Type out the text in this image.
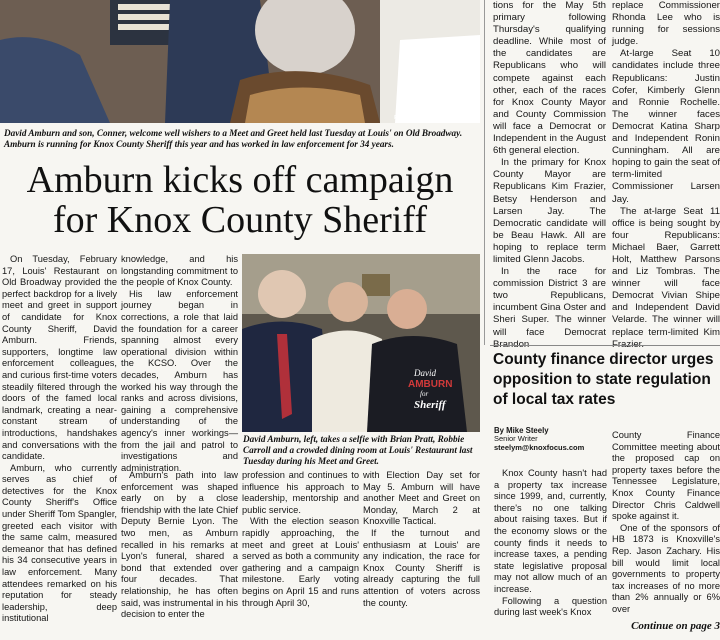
PHOTOS BY TIFFANY LAWSON

David Amburn and son, Conner, welcome well wishers to a Meet and Greet held last Tuesday at Louis' on Old Broadway. Amburn is running for Knox County Sheriff this year and has worked in law enforcement for 34 years.

Amburn kicks off campaign
for Knox County Sheriff

On Tuesday, February 17, Louis' Restaurant on Old Broadway provided the perfect backdrop for a lively meet and greet in support of candidate for Knox County Sheriff, David Amburn. Friends, supporters, longtime law enforcement colleagues, and curious first-time voters steadily filtered through the doors of the famed local landmark, creating a near-constant stream of introductions, handshakes and conversations with the candidate.

Amburn, who currently serves as chief of detectives for the Knox County Sheriff's Office under Sheriff Tom Spangler, greeted each visitor with the same calm, measured demeanor that has defined his 34 consecutive years in law enforcement. Many attendees remarked on his reputation for steady leadership, deep institutional

knowledge, and his longstanding commitment to the people of Knox County.

His law enforcement journey began in corrections, a role that laid the foundation for a career spanning almost every operational division within the KCSO. Over the decades, Amburn has worked his way through the ranks and across divisions, gaining a comprehensive understanding of the agency's inner workings—from the jail and patrol to investigations and administration.

Amburn's path into law enforcement was shaped early on by a close friendship with the late Chief Deputy Bernie Lyon. The two men, as Amburn recalled in his remarks at Lyon's funeral, shared a bond that extended over four decades. That relationship, he has often said, was instrumental in his decision to enter the

David
AMBURN
for
Sheriff

David Amburn, left, takes a selfie with Brian Pratt, Robbie Carroll and a crowded dining room at Louis' Restaurant last Tuesday during his Meet and Greet.

profession and continues to influence his approach to leadership, mentorship and public service.

With the election season rapidly approaching, the meet and greet at Louis' served as both a community gathering and a campaign milestone. Early voting begins on April 15 and runs through April 30,

with Election Day set for May 5. Amburn will have another Meet and Greet on Monday, March 2 at Knoxville Tactical.

If the turnout and enthusiasm at Louis' are any indication, the race for Knox County Sheriff is already capturing the full attention of voters across the county.

tions for the May 5th primary following Thursday's qualifying deadline. While most of the candidates are Republicans who will compete against each other, each of the races for Knox County Mayor and County Commission will face a Democrat or Independent in the August 6th general election.

In the primary for Knox County Mayor are Republicans Kim Frazier, Betsy Henderson and Larsen Jay. The Democratic candidate will be Beau Hawk. All are hoping to replace term limited Glenn Jacobs.

In the race for commission District 3 are two Republicans, incumbent Gina Oster and Sheri Super. The winner will face Democrat

replace Commissioner Rhonda Lee who is running for sessions judge.

At-large Seat 10 candidates include three Republicans: Justin Cofer, Kimberly Glenn and Ronnie Rochelle. The winner faces Democrat Katina Sharp and Independent Ronin Cunningham. All are hoping to gain the seat of term-limited Commissioner Larsen Jay.

The at-large Seat 11 office is being sought by four Republicans: Michael Baer, Garrett Holt, Matthew Parsons and Liz Tombras. The winner will face Democrat Vivian Shipe and Independent David Velarde. The winner will replace term-limited Kim

County finance director urges opposition to state regulation of local tax rates
By Mike Steely
Senior Writer
steelym@knoxfocus.com

Knox County hasn't had a property tax increase since 1999, and, currently, there's no one talking about raising taxes. But if the economy slows or the county finds it needs to increase taxes, a pending state legislative proposal may not allow much of an increase.

Following a question during last week's Knox

County Finance Committee meeting about the proposed cap on property taxes before the Tennessee Legislature, Knox County Finance Director Chris Caldwell spoke against it.

One of the sponsors of HB 1873 is Knoxville's Rep. Jason Zachary. His bill would limit local governments to property tax increases of no more than 2% annually or 6% over

Continue on page 3
